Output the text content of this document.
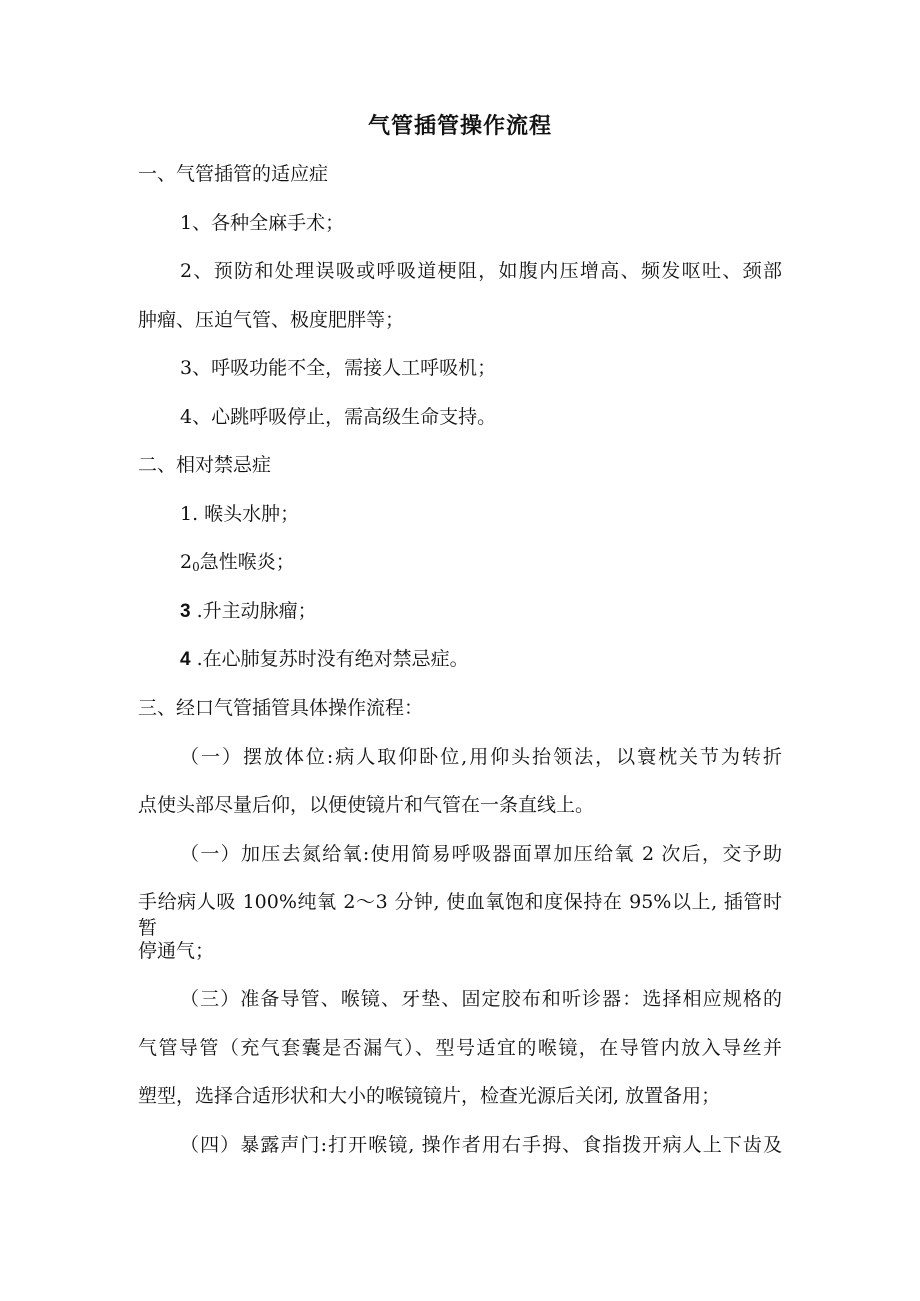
气管插管操作流程
一、气管插管的适应症
1、各种全麻手术；
2、预防和处理误吸或呼吸道梗阻，如腹内压增高、频发呕吐、颈部
肿瘤、压迫气管、极度肥胖等；
3、呼吸功能不全，需接人工呼吸机；
4、心跳呼吸停止，需高级生命支持。
二、相对禁忌症
1. 喉头水肿；
$2_0$急性喉炎；
3 .升主动脉瘤；
4 .在心肺复苏时没有绝对禁忌症。
三、经口气管插管具体操作流程：
（一）摆放体位:病人取仰卧位,用仰头抬领法，以寰枕关节为转折
点使头部尽量后仰，以便使镜片和气管在一条直线上。
（一）加压去氮给氧:使用简易呼吸器面罩加压给氧 2 次后，交予助
手给病人吸 100%纯氧 2～3 分钟, 使血氧饱和度保持在 95%以上, 插管时暂
停通气；
（三）准备导管、喉镜、牙垫、固定胶布和听诊器：选择相应规格的
气管导管（充气套囊是否漏气）、型号适宜的喉镜，在导管内放入导丝并
塑型，选择合适形状和大小的喉镜镜片，检查光源后关闭, 放置备用；
（四）暴露声门:打开喉镜, 操作者用右手拇、食指拨开病人上下齿及
